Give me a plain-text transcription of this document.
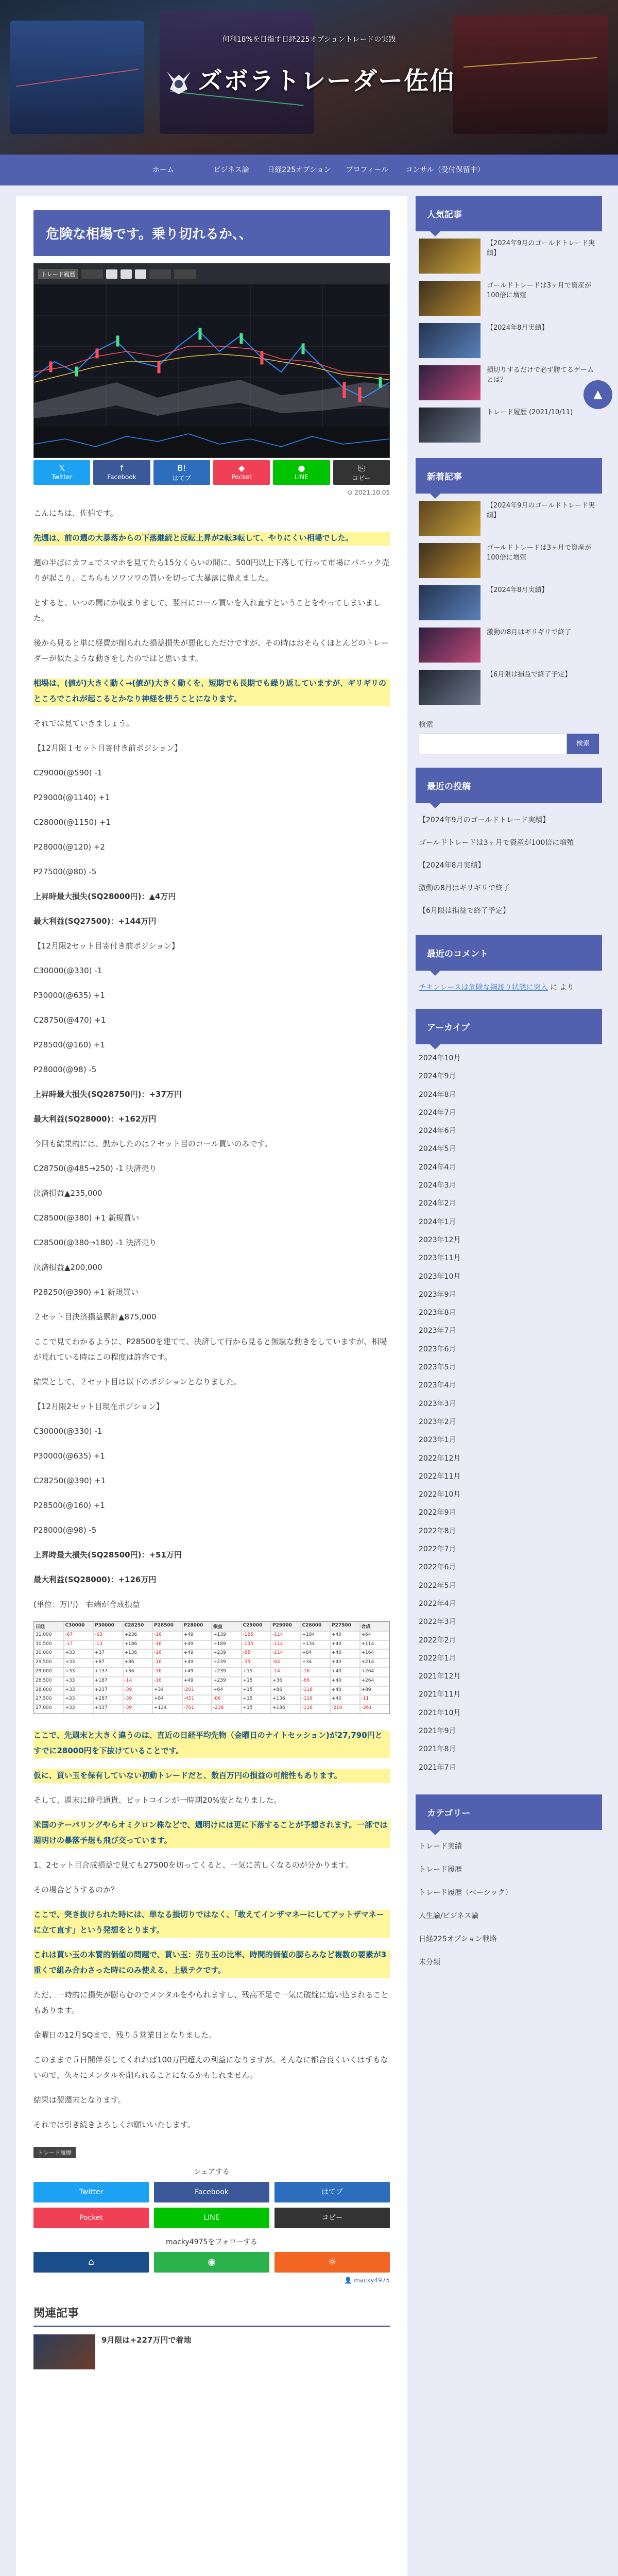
何利18%を目指す日経225オプショントレードの実践
ズボラトレーダー佐伯
ホーム	ビジネス論	日経225オプション	プロフィール	コンサル（受付保留中）
危険な相場です。乗り切れるか、、
トレード履歴
𝕏
Twitter
f
Facebook
B!
はてブ
◆
Pocket
●
LINE
⎘
コピー
⊙ 2021.10.05

こんにちは、佐伯です。

先週は、前の週の大暴落からの下落継続と反転上昇が2転3転して、やりにくい相場でした。

週の半ばにカフェでスマホを見てたら15分くらいの間に、500円以上下落して行って市場にパニック売りが起こり、こちらもソワソワの買いを切って大暴落に備えました。

とすると、いつの間にか収まりまして、翌日にコール買いを入れ直すということをやってしまいました。

後から見ると単に経費が削られた損益損失が悪化しただけですが、その時はおそらくほとんどのトレーダーが似たような動きをしたのではと思います。

相場は、(値が)大きく動く→(値が)大きく動くを、短期でも長期でも繰り返していますが、ギリギリのところでこれが起こるとかなり神経を使うことになります。

それでは見ていきましょう。

【12月限１セット目寄付き前ポジション】

C29000(@590) -1

P29000(@1140) +1

C28000(@1150) +1

P28000(@120) +2

P27500(@80) -5

上昇時最大損失(SQ28000円)：▲4万円

最大利益(SQ27500)：+144万円

【12月限2セット目寄付き前ポジション】

C30000(@330) -1

P30000(@635) +1

C28750(@470) +1

P28500(@160) +1

P28000(@98) -5

上昇時最大損失(SQ28750円)：+37万円

最大利益(SQ28000)：+162万円

今回も結果的には、動かしたのは２セット目のコール買いのみです。

C28750(@485→250) -1 決済売り

決済損益▲235,000

C28500(@380) +1 新規買い

C28500(@380→180) -1 決済売り

決済損益▲200,000

P28250(@390) +1 新規買い

２セット目決済損益累計▲875,000

ここで見てわかるように、P28500を建てて、決済して行から見ると無駄な動きをしていますが、相場が荒れている時はこの程度は許容です。

結果として、２セット目は以下のポジションとなりました。

【12月限2セット目現在ポジション】

C30000(@330) -1

P30000(@635) +1

C28250(@390) +1

P28500(@160) +1

P28000(@98) -5

上昇時最大損失(SQ28500円)：+51万円

最大利益(SQ28000)：+126万円

(単位：万円)　右端が合成損益

日経	C30000	P30000	C28250	P28500	P28000	損益	C29000	P29000	C28000	P27500	合成
31,000	-67	-63	+236	-16	+49	+139	-185	-114	+184	+40	+64
30,500	-17	-13	+186	-16	+49	+189	-135	-114	+134	+40	+114
30,000	+33	+37	+136	-16	+49	+239	-85	-114	+84	+40	+164
29,500	+33	+87	+86	-16	+49	+239	-35	-64	+34	+40	+214
29,000	+33	+137	+36	-16	+49	+239	+15	-14	-16	+40	+264
28,500	+33	+187	-14	-16	+49	+239	+15	+36	-66	+40	+264
28,000	+33	+237	-39	+34	-201	+64	+15	+86	-116	+40	+89
27,500	+33	+287	-39	+84	-451	-86	+15	+136	-116	+40	-11
27,000	+33	+337	-39	+134	-701	-236	+15	+186	-116	-210	-361

ここで、先週末と大きく違うのは、直近の日経平均先物（金曜日のナイトセッション)が27,790円とすでに28000円を下抜けていることです。

仮に、買い玉を保有していない初動トレードだと、数百万円の損益の可能性もあります。

そして、週末に暗号通貨、ビットコインが一時期20%安となりました。

米国のテーパリングやらオミクロン株などで、週明けには更に下落することが予想されます。一部では週明けの暴落予想も飛び交っています。

1、2セット目合成損益で見ても27500を切ってくると、一気に苦しくなるのが分かります。

その場合どうするのか？

ここで、突き抜けられた時には、単なる損切りではなく、「敢えてインザマネーにしてアットザマネーに立て直す」という発想をとります。

これは買い玉の本質的価値の問題で、買い玉：売り玉の比率、時間的価値の膨らみなど複数の要素が3重くで組み合わさった時にのみ使える、上級テクです。

ただ、一時的に損失が膨らむのでメンタルをやられますし、残高不足で一気に破綻に追い込まれることもあります。

金曜日の12月SQまで、残り５営業日となりました。

このままで５日間伴奏してくれれば100万円超えの利益になりますが、そんなに都合良くいくはずもないので、久々にメンタルを削られることになるかもしれません。

結果は翌週末となります。

それでは引き続きよろしくお願いいたします。

トレード履歴
シェアする
Twitter	Facebook	はてブ
Pocket	LINE	コピー
macky4975をフォローする
⌂	◉	☼
👤 macky4975
関連記事
9月限は+227万円で着地
人気記事
【2024年9月のゴールドトレード実績】
ゴールドトレードは3ヶ月で資産が100倍に増殖
【2024年8月実績】
損切りするだけで必ず勝てるゲームとは？
トレード履歴 (2021/10/11)
新着記事
【2024年9月のゴールドトレード実績】
ゴールドトレードは3ヶ月で資産が100倍に増殖
【2024年8月実績】
激動の8月はギリギリで終了
【6月限は損益で終了予定】
検索
検索
最近の投稿
【2024年9月のゴールドトレード実績】
ゴールドトレードは3ヶ月で資産が100倍に増殖
【2024年8月実績】
激動の8月はギリギリで終了
【6月限は損益で終了予定】
最近のコメント
チキンレースは危険な綱渡り状態に突入 に より
アーカイブ
2024年10月
2024年9月
2024年8月
2024年7月
2024年6月
2024年5月
2024年4月
2024年3月
2024年2月
2024年1月
2023年12月
2023年11月
2023年10月
2023年9月
2023年8月
2023年7月
2023年6月
2023年5月
2023年4月
2023年3月
2023年2月
2023年1月
2022年12月
2022年11月
2022年10月
2022年9月
2022年8月
2022年7月
2022年6月
2022年5月
2022年4月
2022年3月
2022年2月
2022年1月
2021年12月
2021年11月
2021年10月
2021年9月
2021年8月
2021年7月
カテゴリー
トレード実績
トレード履歴
トレード履歴（ベーシック）
人生論/ビジネス論
日経225オプション戦略
未分類
▲
